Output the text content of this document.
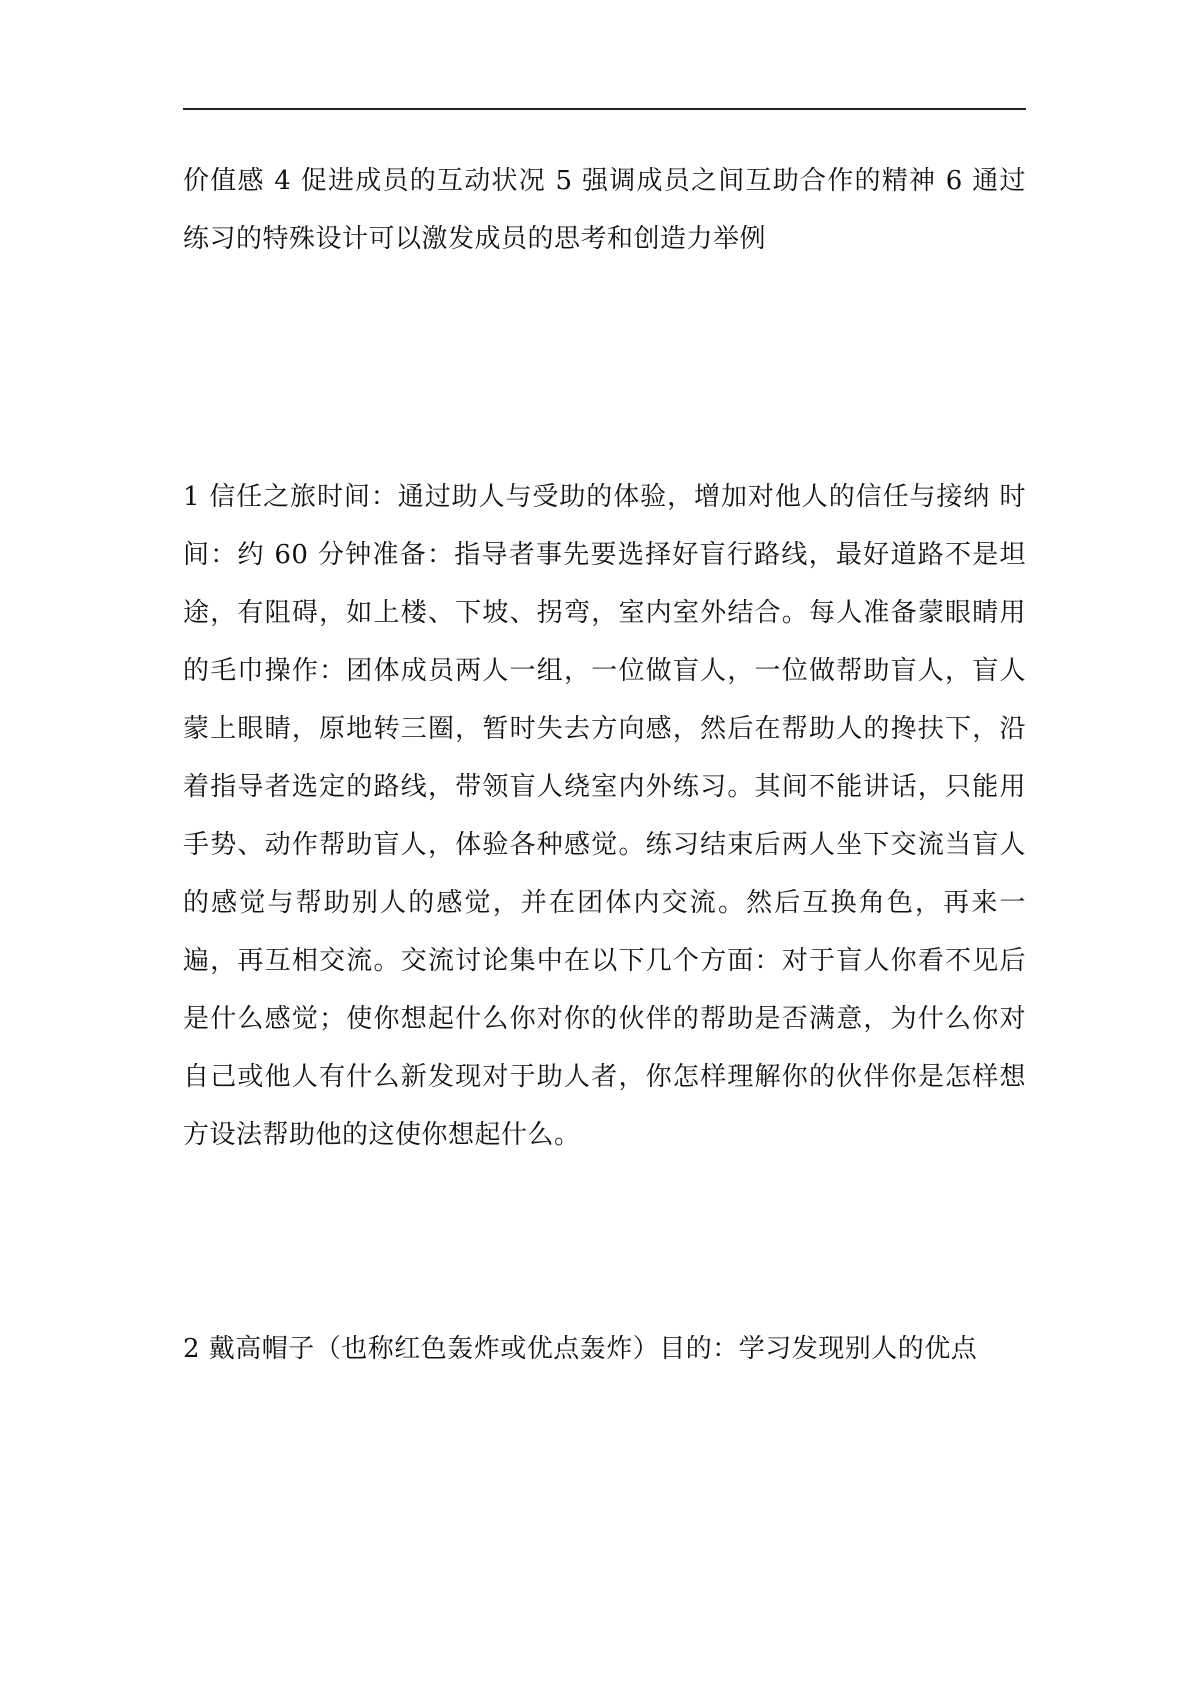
价值感 4 促进成员的互动状况 5 强调成员之间互助合作的精神 6 通过练习的特殊设计可以激发成员的思考和创造力举例

1 信任之旅时间：通过助人与受助的体验，增加对他人的信任与接纳 时间：约 60 分钟准备：指导者事先要选择好盲行路线，最好道路不是坦途，有阻碍，如上楼、下坡、拐弯，室内室外结合。每人准备蒙眼睛用的毛巾操作：团体成员两人一组，一位做盲人，一位做帮助盲人，盲人蒙上眼睛，原地转三圈，暂时失去方向感，然后在帮助人的搀扶下，沿着指导者选定的路线，带领盲人绕室内外练习。其间不能讲话，只能用手势、动作帮助盲人，体验各种感觉。练习结束后两人坐下交流当盲人的感觉与帮助别人的感觉，并在团体内交流。然后互换角色，再来一遍，再互相交流。交流讨论集中在以下几个方面：对于盲人你看不见后是什么感觉；使你想起什么你对你的伙伴的帮助是否满意，为什么你对自己或他人有什么新发现对于助人者，你怎样理解你的伙伴你是怎样想方设法帮助他的这使你想起什么。

2 戴高帽子（也称红色轰炸或优点轰炸）目的：学习发现别人的优点
